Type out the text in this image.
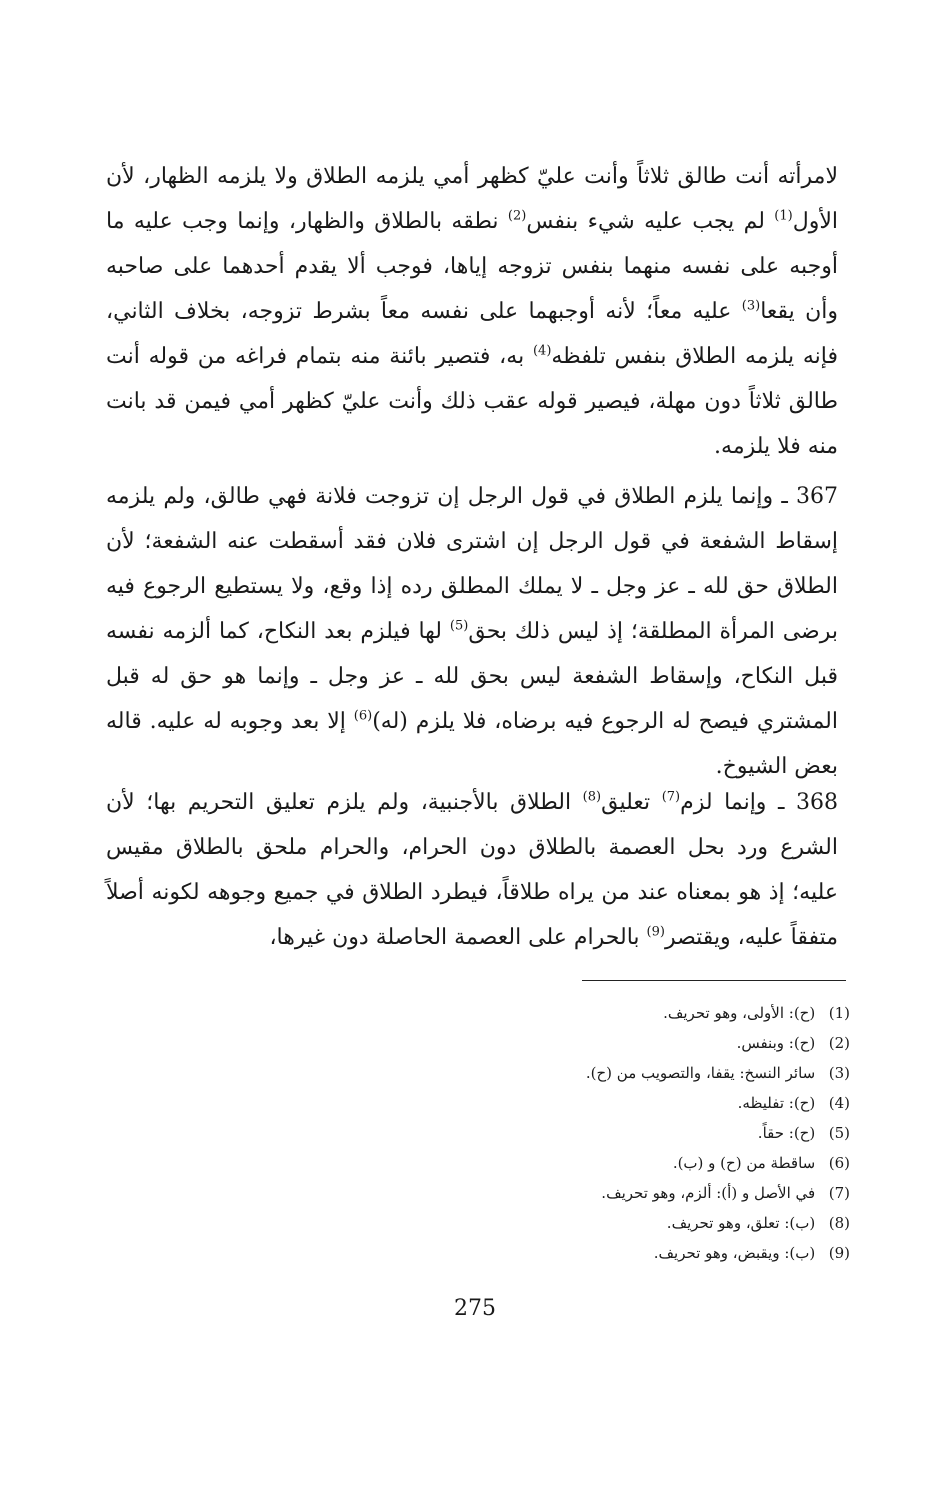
لامرأته أنت طالق ثلاثاً وأنت عليّ كظهر أمي يلزمه الطلاق ولا يلزمه الظهار، لأن الأول$^{(1)}$ لم يجب عليه شيء بنفس$^{(2)}$ نطقه بالطلاق والظهار، وإنما وجب عليه ما أوجبه على نفسه منهما بنفس تزوجه إياها، فوجب ألا يقدم أحدهما على صاحبه وأن يقعا$^{(3)}$ عليه معاً؛ لأنه أوجبهما على نفسه معاً بشرط تزوجه، بخلاف الثاني، فإنه يلزمه الطلاق بنفس تلفظه$^{(4)}$ به، فتصير بائنة منه بتمام فراغه من قوله أنت طالق ثلاثاً دون مهلة، فيصير قوله عقب ذلك وأنت عليّ كظهر أمي فيمن قد بانت منه فلا يلزمه.
367 ـ وإنما يلزم الطلاق في قول الرجل إن تزوجت فلانة فهي طالق، ولم يلزمه إسقاط الشفعة في قول الرجل إن اشترى فلان فقد أسقطت عنه الشفعة؛ لأن الطلاق حق لله ـ عز وجل ـ لا يملك المطلق رده إذا وقع، ولا يستطيع الرجوع فيه برضى المرأة المطلقة؛ إذ ليس ذلك بحق$^{(5)}$ لها فيلزم بعد النكاح، كما ألزمه نفسه قبل النكاح، وإسقاط الشفعة ليس بحق لله ـ عز وجل ـ وإنما هو حق له قبل المشتري فيصح له الرجوع فيه برضاه، فلا يلزم (له)$^{(6)}$ إلا بعد وجوبه له عليه. قاله بعض الشيوخ.
368 ـ وإنما لزم$^{(7)}$ تعليق$^{(8)}$ الطلاق بالأجنبية، ولم يلزم تعليق التحريم بها؛ لأن الشرع ورد بحل العصمة بالطلاق دون الحرام، والحرام ملحق بالطلاق مقيس عليه؛ إذ هو بمعناه عند من يراه طلاقاً، فيطرد الطلاق في جميع وجوهه لكونه أصلاً متفقاً عليه، ويقتصر$^{(9)}$ بالحرام على العصمة الحاصلة دون غيرها،
(1) (ح): الأولى، وهو تحريف.
(2) (ح): وبنفس.
(3) سائر النسخ: يقفا، والتصويب من (ح).
(4) (ح): تفليظه.
(5) (ح): حقاً.
(6) ساقطة من (ح) و (ب).
(7) في الأصل و (أ): ألزم، وهو تحريف.
(8) (ب): تعلق، وهو تحريف.
(9) (ب): ويقبض، وهو تحريف.
275
